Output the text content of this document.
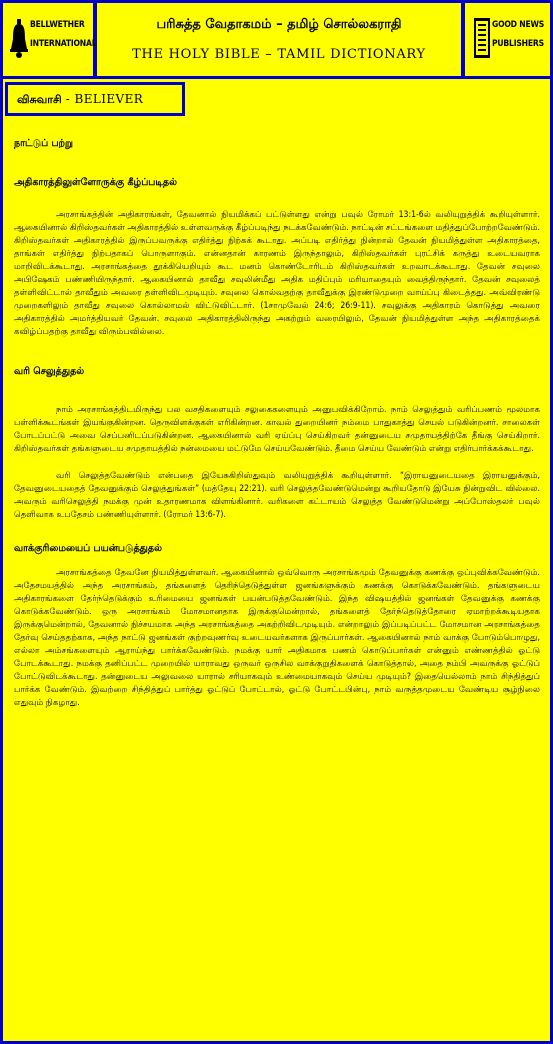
BELLWETHER
INTERNATIONAL
பரிசுத்த வேதாகமம் – தமிழ் சொல்லகராதி
THE HOLY BIBLE – TAMIL DICTIONARY
GOOD NEWS
PUBLISHERS
விசுவாசி - BELIEVER

நாட்டுப் பற்று

அதிகாரத்திலுள்ளோருக்கு கீழ்ப்படிதல்

அரசாங்கத்தின் அதிகாரங்கள், தேவனால் நியமிக்கப் பட்டுள்ளது என்று பவுல் ரோமர் 13:1-6ல் வலியுறுத்திக் கூறியுள்ளார். ஆகையினால் கிறிஸ்தவர்கள் அதிகாரத்தில் உள்ளவருக்கு கீழ்ப்படிந்து நடக்கவேண்டும். நாட்டின் சட்டங்களை மதித்துப்போற்றவேண்டும். கிறிஸ்தவர்கள் அதிகாரத்தில் இருப்பவருக்கு எதிர்த்து நிற்கக் கூடாது. அப்படி எதிர்த்து நின்றால் தேவன் நியமித்துள்ள அதிகாரத்தை, தாங்கள் எதிர்த்து நிற்பதாகப் பொருளாகும். என்னதான் காரணம் இருந்தாலும், கிறிஸ்தவர்கள் புரட்சிக் கருத்து உடையவராக மாறிவிடக்கூடாது. அரசாங்கத்தை தூக்கியெறியும் கூட மனம் கொண்டோரிடம் கிறிஸ்தவர்கள் உறவாடக்கூடாது. தேவன் சவுலை அபிஷேகம் பண்ணியிருந்தார். ஆகையினால் தாவீது சவுலின்மீது அதிக மதிப்பும் மரியாதையும் வைத்திருந்தார். தேவன் சவுலைத் தள்ளிவிட்டால் தாவீதும் அவரை தள்ளிவிடமுடியும். சவுலை கொல்வதற்கு தாவீதுக்கு இரண்டுமுறை வாய்ப்பு கிடைத்தது. அவ்விரண்டு முறைகளிலும் தாவீது சவுலை கொல்லாமல் விட்டுவிட்டார். (1சாமுவேல் 24:6; 26:9-11). சவுலுக்கு அதிகாரம் கொடுத்து அவரை அதிகாரத்தில் அமர்த்தியவர் தேவன். சவுலை அதிகாரத்திலிருந்து அகற்றும் வரையிலும், தேவன் நியமித்துள்ள அந்த அதிகாரத்தைக் கவிழ்ப்பதற்கு தாவீது விரும்பவில்லை.

வரி செலுத்துதல்

நாம் அரசாங்கத்திடமிருந்து பல வசதிகளையும் சலுகைகளையும் அனுபவிக்கிறோம். நாம் செலுத்தும் வரிப்பணம் மூலமாக பள்ளிக்கூடங்கள் இயங்குகின்றன. தெருவிளக்குகள் எரிகின்றன. காவல் துறையினர் நம்மை பாதுகாத்து செயல் படுகின்றனர். சாலைகள் போடப்பட்டு அவை செப்பனிடப்படுகின்றன. ஆகையினால் வரி ஏய்ப்பு செய்கிறவர் தன்னுடைய சமுதாயத்திற்கே தீங்கு செய்கிறார். கிறிஸ்தவர்கள் தங்களுடைய சமுதாயத்தில் நன்மையை மட்டுமே செய்யவேண்டும். தீமை செய்ய வேண்டும் என்று எதிர்பார்க்கக்கூடாது.

வரி செலுத்தவேண்டும் என்பதை இயேசுகிறிஸ்துவும் வலியுறுத்திக் கூறியுள்ளார். “இராயனுடையதை இராயனுக்கும், தேவனுடையதைத் தேவனுக்கும் செலுத்துங்கள்” (மத்தேயு 22:21). வரி செலுத்தவேண்டுமென்று கூறியதோடு இயேசு நின்றுவிட வில்லை. அவரும் வரிசெலுத்தி நமக்கு முன் உதாரணமாக விளங்கினார். வரிகளை கட்டாயம் செலுத்த வேண்டுமென்று அப்போஸ்தலர் பவுல் தெளிவாக உபதேசம் பண்ணியுள்ளார். (ரோமர் 13:6-7).

வாக்குரிமையைப் பயன்படுத்துதல்

அரசாங்கத்தை தேவனே நியமித்துள்ளவர். ஆகையினால் ஒவ்வொரு அரசாங்கமும் தேவனுக்கு கணக்கு ஒப்புவிக்கவேண்டும். அதேசமயத்தில் அந்த அரசாங்கம், தங்களைத் தெரிந்தெடுத்துள்ள ஜனங்களுக்கும் கணக்கு கொடுக்கவேண்டும். தங்களுடைய அதிகாரங்களை தேர்ந்தெடுக்கும் உரிமையை ஜனங்கள் பயன்படுத்தவேண்டும். இந்த விஷயத்தில் ஜனங்கள் தேவனுக்கு கணக்கு கொடுக்கவேண்டும். ஒரு அரசாங்கம் மோசமானதாக இருக்குமென்றால், தங்களைத் தேர்ந்தெடுத்தோரை ஏமாற்றக்கூடியதாக இருக்குமென்றால், தேவனால் நிச்சயமாக அந்த அரசாங்கத்தை அகற்றிவிடமுடியும். என்றாலும் இப்படிப்பட்ட மோசமான அரசாங்கத்தை தேர்வு செய்ததற்காக, அந்த நாட்டு ஜனங்கள் குற்றவுணர்வு உடையவர்களாக இருப்பார்கள். ஆகையினால் நாம் வாக்கு போடும்பொழுது, எல்லா அம்சங்களையும் ஆராய்ந்து பார்க்கவேண்டும். நமக்கு யார் அதிகமாக பணம் கொடுப்பார்கள் என்னும் எண்ணத்தில் ஓட்டு போடக்கூடாது. நமக்கு தனிப்பட்ட முறையில் யாராவது ஒருவர் ஒருசில வாக்குறுதிகளைக் கொடுத்தால், அதை நம்பி அவருக்கு ஓட்டுப் போட்டுவிடக்கூடாது. தன்னுடைய அலுவலை யாரால் சரியாகவும் உண்மையாகவும் செய்ய முடியும்? இதையெல்லாம் நாம் சிந்தித்துப் பார்க்க வேண்டும். இவற்றை சிந்தித்துப் பார்த்து ஓட்டுப் போட்டால், ஓட்டு போட்டபின்பு, நாம் வருத்தமுடைய வேண்டிய சூழ்நிலை எதுவும் நிகழாது.
